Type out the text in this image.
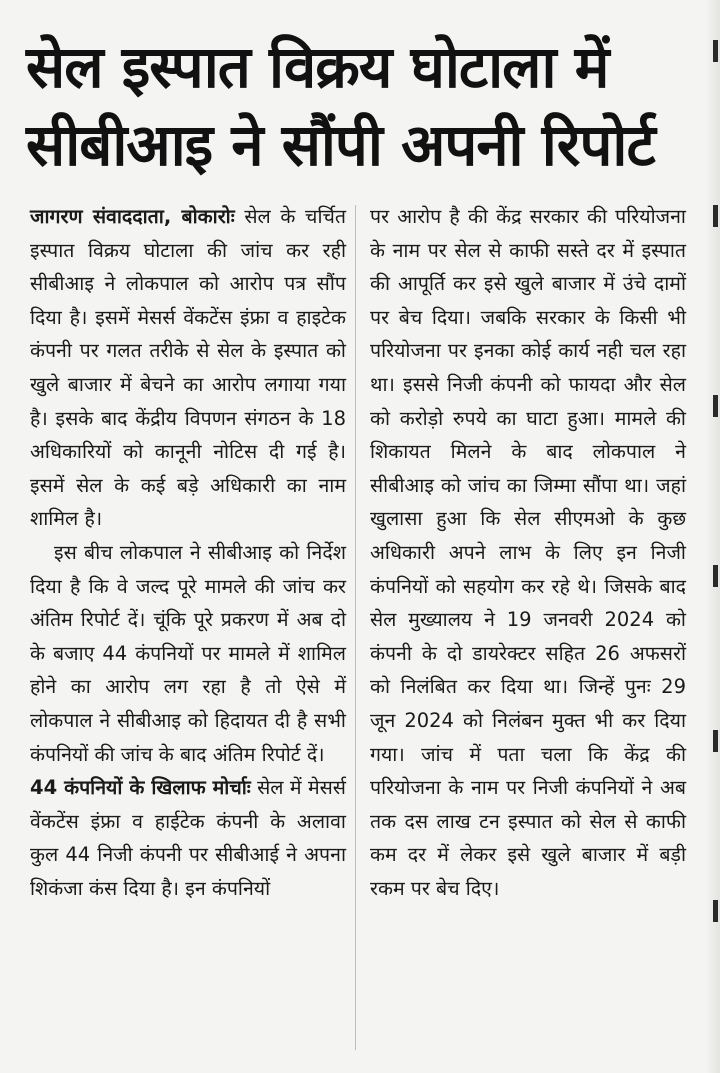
सेल इस्पात विक्रय घोटाला में
सीबीआइ ने सौंपी अपनी रिपोर्ट

जागरण संवाददाता, बोकारोः सेल के चर्चित इस्पात विक्रय घोटाला की जांच कर रही सीबीआइ ने लोकपाल को आरोप पत्र सौंप दिया है। इसमें मेसर्स वेंकटेंस इंफ्रा व हाइटेक कंपनी पर गलत तरीके से सेल के इस्पात को खुले बाजार में बेचने का आरोप लगाया गया है। इसके बाद केंद्रीय विपणन संगठन के 18 अधिकारियों को कानूनी नोटिस दी गई है। इसमें सेल के कई बड़े अधिकारी का नाम शामिल है।

इस बीच लोकपाल ने सीबीआइ को निर्देश दिया है कि वे जल्द पूरे मामले की जांच कर अंतिम रिपोर्ट दें। चूंकि पूरे प्रकरण में अब दो के बजाए 44 कंपनियों पर मामले में शामिल होने का आरोप लग रहा है तो ऐसे में लोकपाल ने सीबीआइ को हिदायत दी है सभी कंपनियों की जांच के बाद अंतिम रिपोर्ट दें।

44 कंपनियों के खिलाफ मोर्चाः सेल में मेसर्स वेंकटेंस इंफ्रा व हाईटेक कंपनी के अलावा कुल 44 निजी कंपनी पर सीबीआई ने अपना शिकंजा कंस दिया है। इन कंपनियों

पर आरोप है की केंद्र सरकार की परियोजना के नाम पर सेल से काफी सस्ते दर में इस्पात की आपूर्ति कर इसे खुले बाजार में उंचे दामों पर बेच दिया। जबकि सरकार के किसी भी परियोजना पर इनका कोई कार्य नही चल रहा था। इससे निजी कंपनी को फायदा और सेल को करोड़ो रुपये का घाटा हुआ। मामले की शिकायत मिलने के बाद लोकपाल ने सीबीआइ को जांच का जिम्मा सौंपा था। जहां खुलासा हुआ कि सेल सीएमओ के कुछ अधिकारी अपने लाभ के लिए इन निजी कंपनियों को सहयोग कर रहे थे। जिसके बाद सेल मुख्यालय ने 19 जनवरी 2024 को कंपनी के दो डायरेक्टर सहित 26 अफसरों को निलंबित कर दिया था। जिन्हें पुनः 29 जून 2024 को निलंबन मुक्त भी कर दिया गया। जांच में पता चला कि केंद्र की परियोजना के नाम पर निजी कंपनियों ने अब तक दस लाख टन इस्पात को सेल से काफी कम दर में लेकर इसे खुले बाजार में बड़ी रकम पर बेच दिए।
